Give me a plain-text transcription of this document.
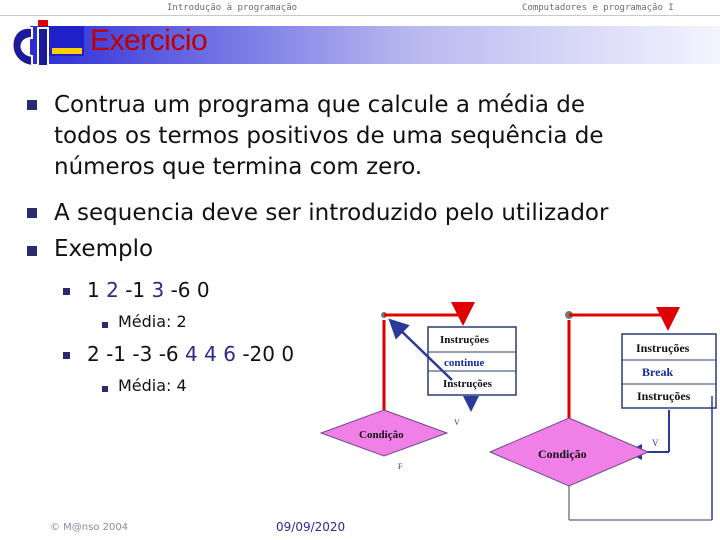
Introdução à programação	Computadores e programação I
Exercicio
Contrua um programa que calcule a média de
todos os termos positivos de uma sequência de
números que termina com zero.
A sequencia deve ser introduzido pelo utilizador
Exemplo
1 2 -1 3 -6 0
Média: 2
2 -1 -3 -6 4 4 6 -20 0
Média: 4
Instruções
continue
Instruções
Condição
V
F
Instruções
Break
Instruções
Condição
V
© M@nso 2004	09/09/2020
